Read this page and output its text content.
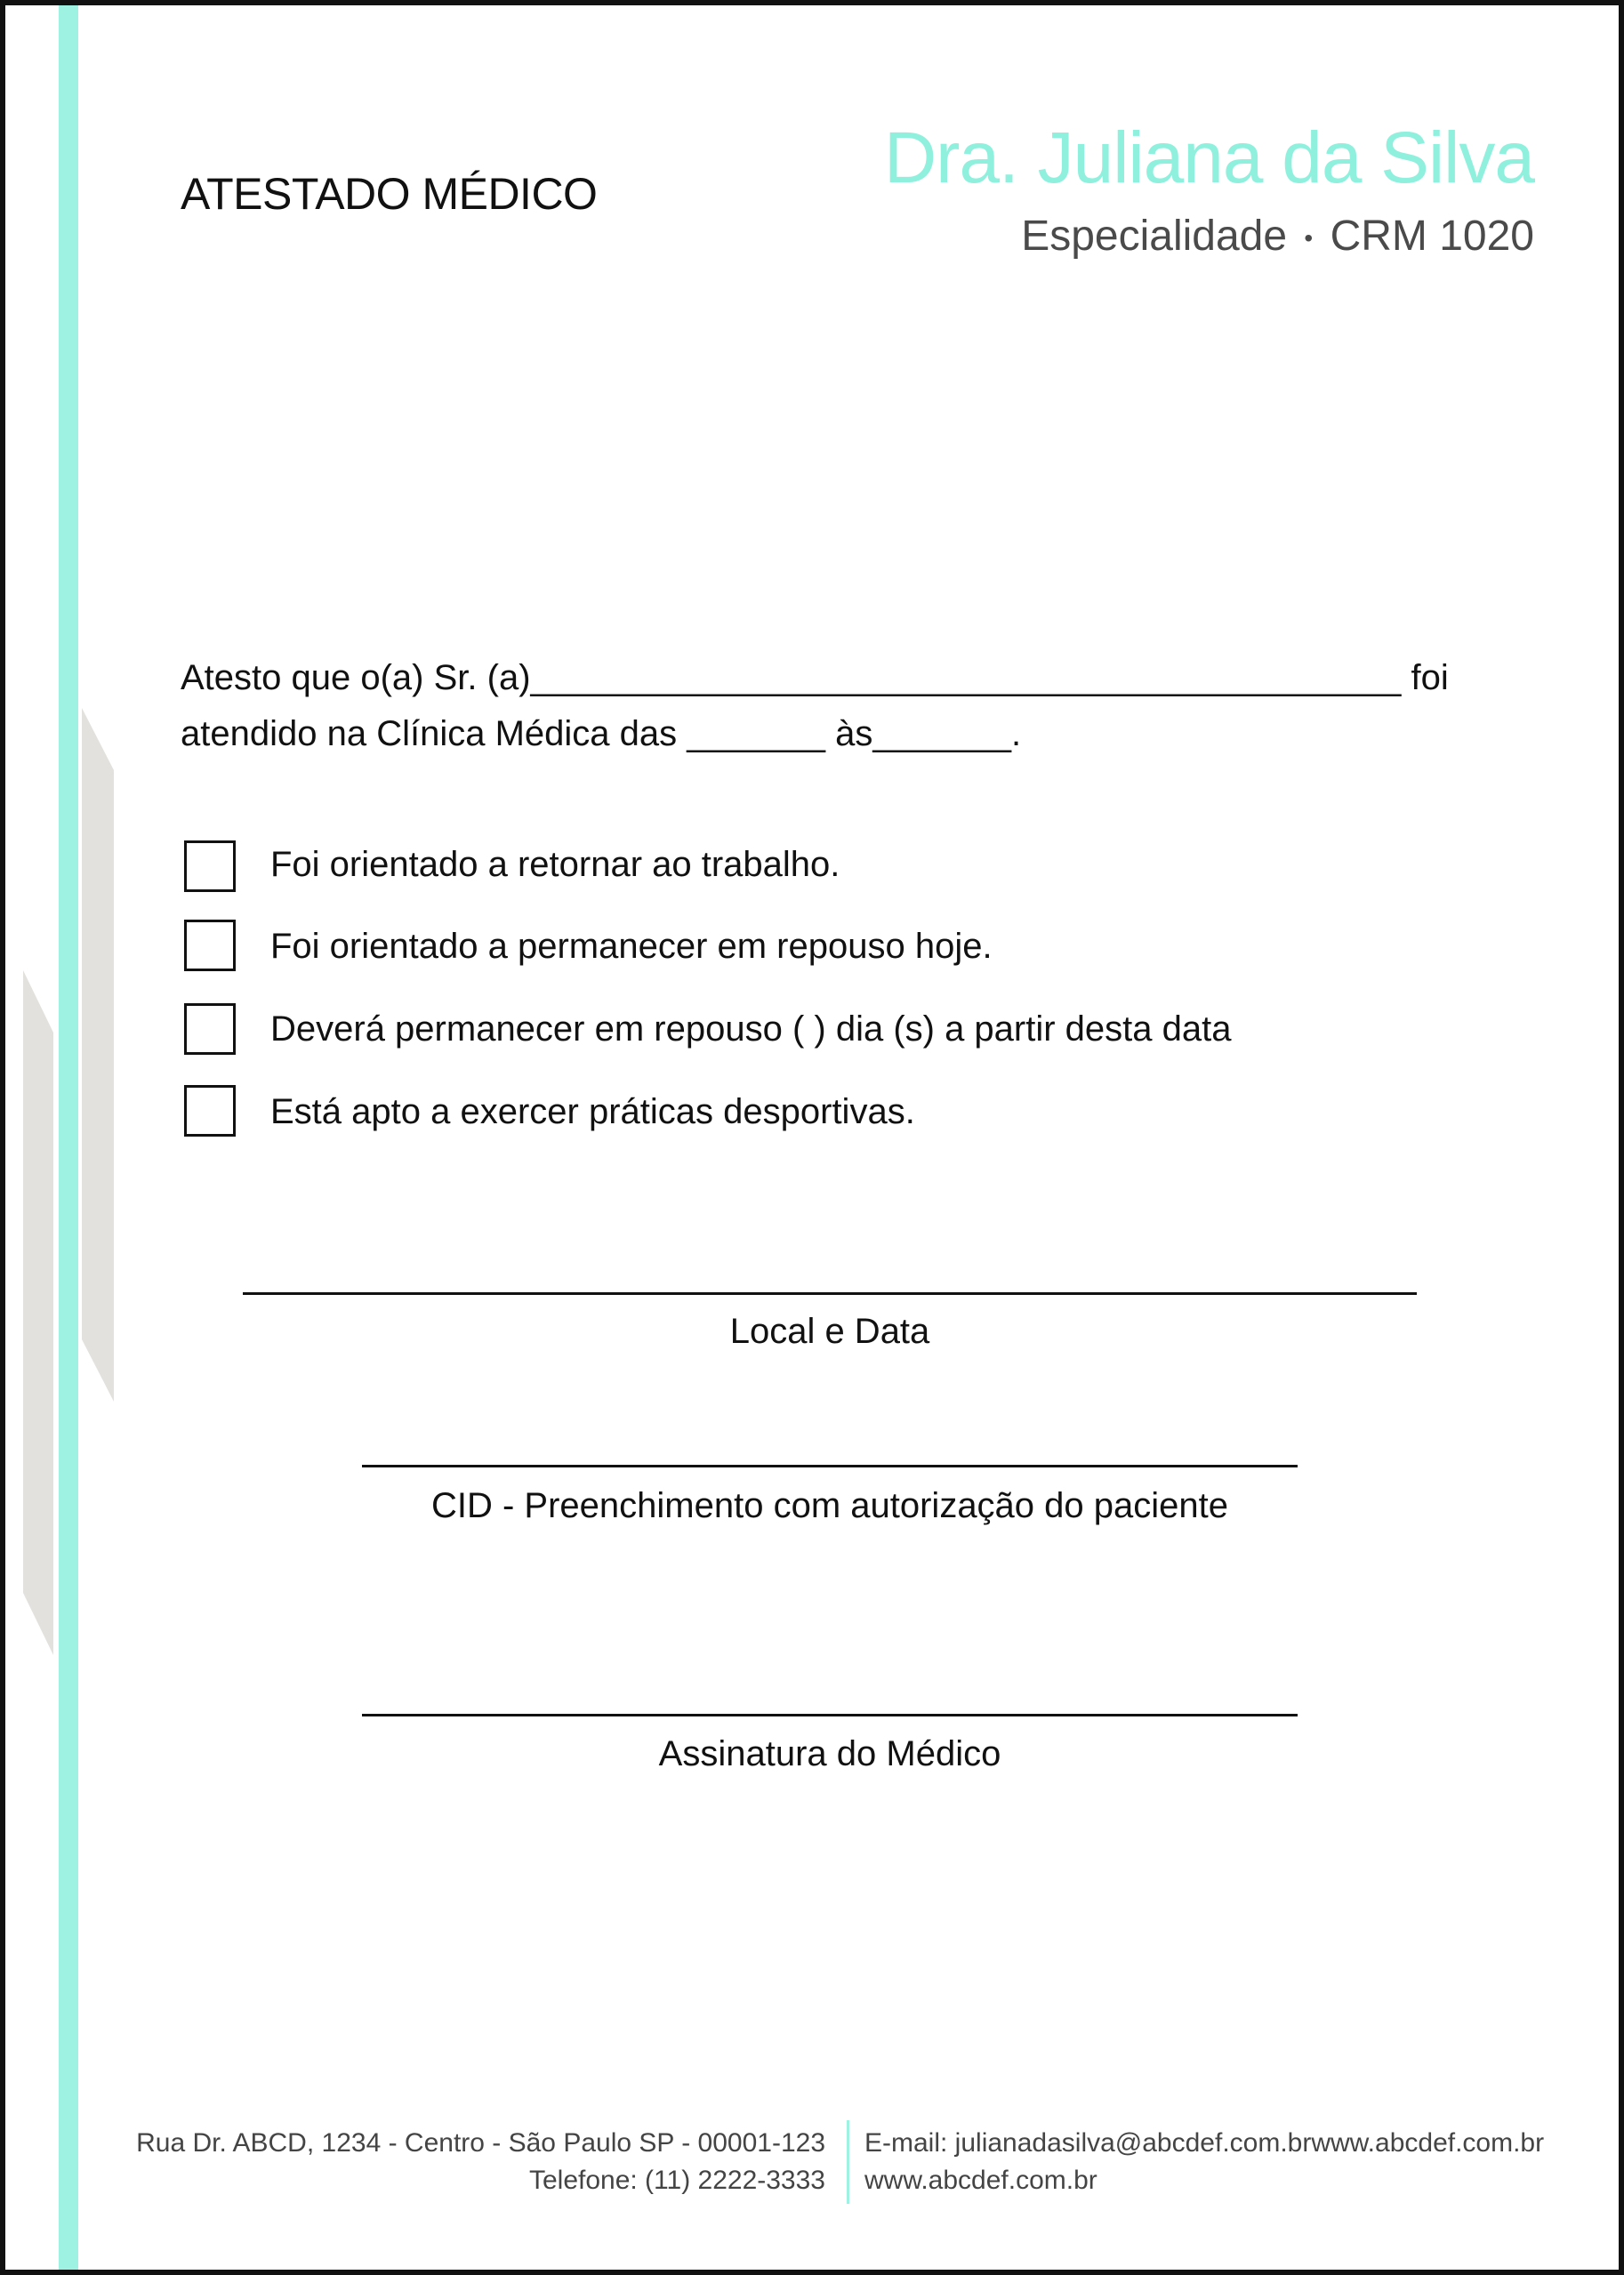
ATESTADO MÉDICO	Dra. Juliana da Silva
Especialidade • CRM 1020
Atesto que o(a) Sr. (a)____________________________________________ foi
atendido na Clínica Médica das _______ às_______.
Foi orientado a retornar ao trabalho.
Foi orientado a permanecer em repouso hoje.
Deverá permanecer em repouso ( ) dia (s) a partir desta data
Está apto a exercer práticas desportivas.
Local e Data
CID - Preenchimento com autorização do paciente
Assinatura do Médico
Rua Dr. ABCD, 1234 - Centro - São Paulo SP - 00001-123
Telefone: (11) 2222-3333
E-mail: julianadasilva@abcdef.com.brwww.abcdef.com.br
www.abcdef.com.br
